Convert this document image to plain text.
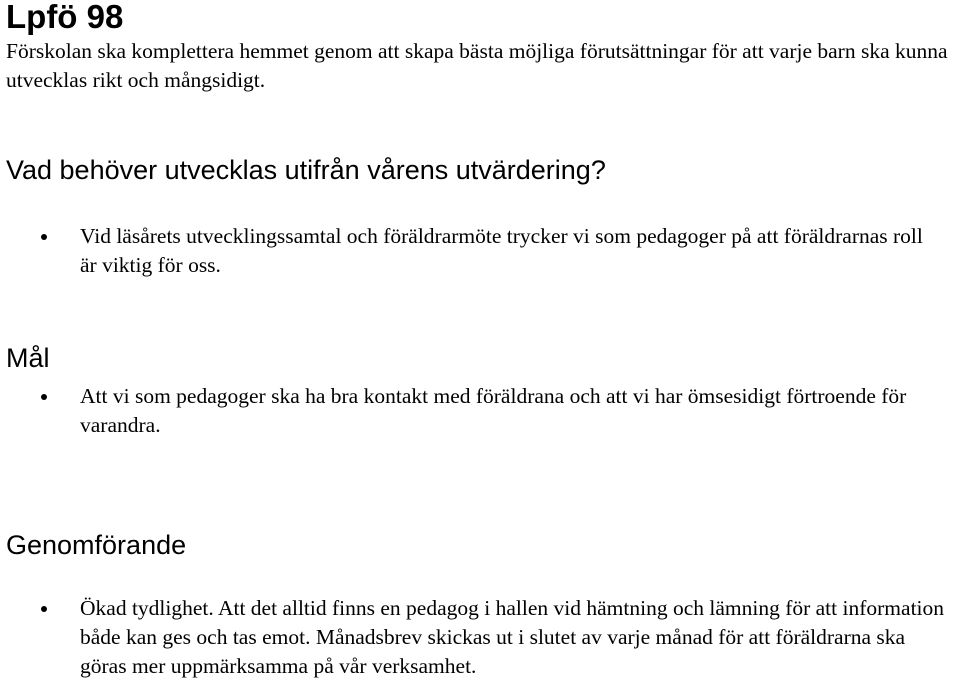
Lpfö 98

Förskolan ska komplettera hemmet genom att skapa bästa möjliga förutsättningar för att varje barn ska kunna utvecklas rikt och mångsidigt.

Vad behöver utvecklas utifrån vårens utvärdering?
Vid läsårets utvecklingssamtal och föräldrarmöte trycker vi som pedagoger på att föräldrarnas roll är viktig för oss.
Mål
Att vi som pedagoger ska ha bra kontakt med föräldrana och att vi har ömsesidigt förtroende för varandra.
Genomförande
Ökad tydlighet. Att det alltid finns en pedagog i hallen vid hämtning och lämning för att information både kan ges och tas emot. Månadsbrev skickas ut i slutet av varje månad för att föräldrarna ska göras mer uppmärksamma på vår verksamhet.
